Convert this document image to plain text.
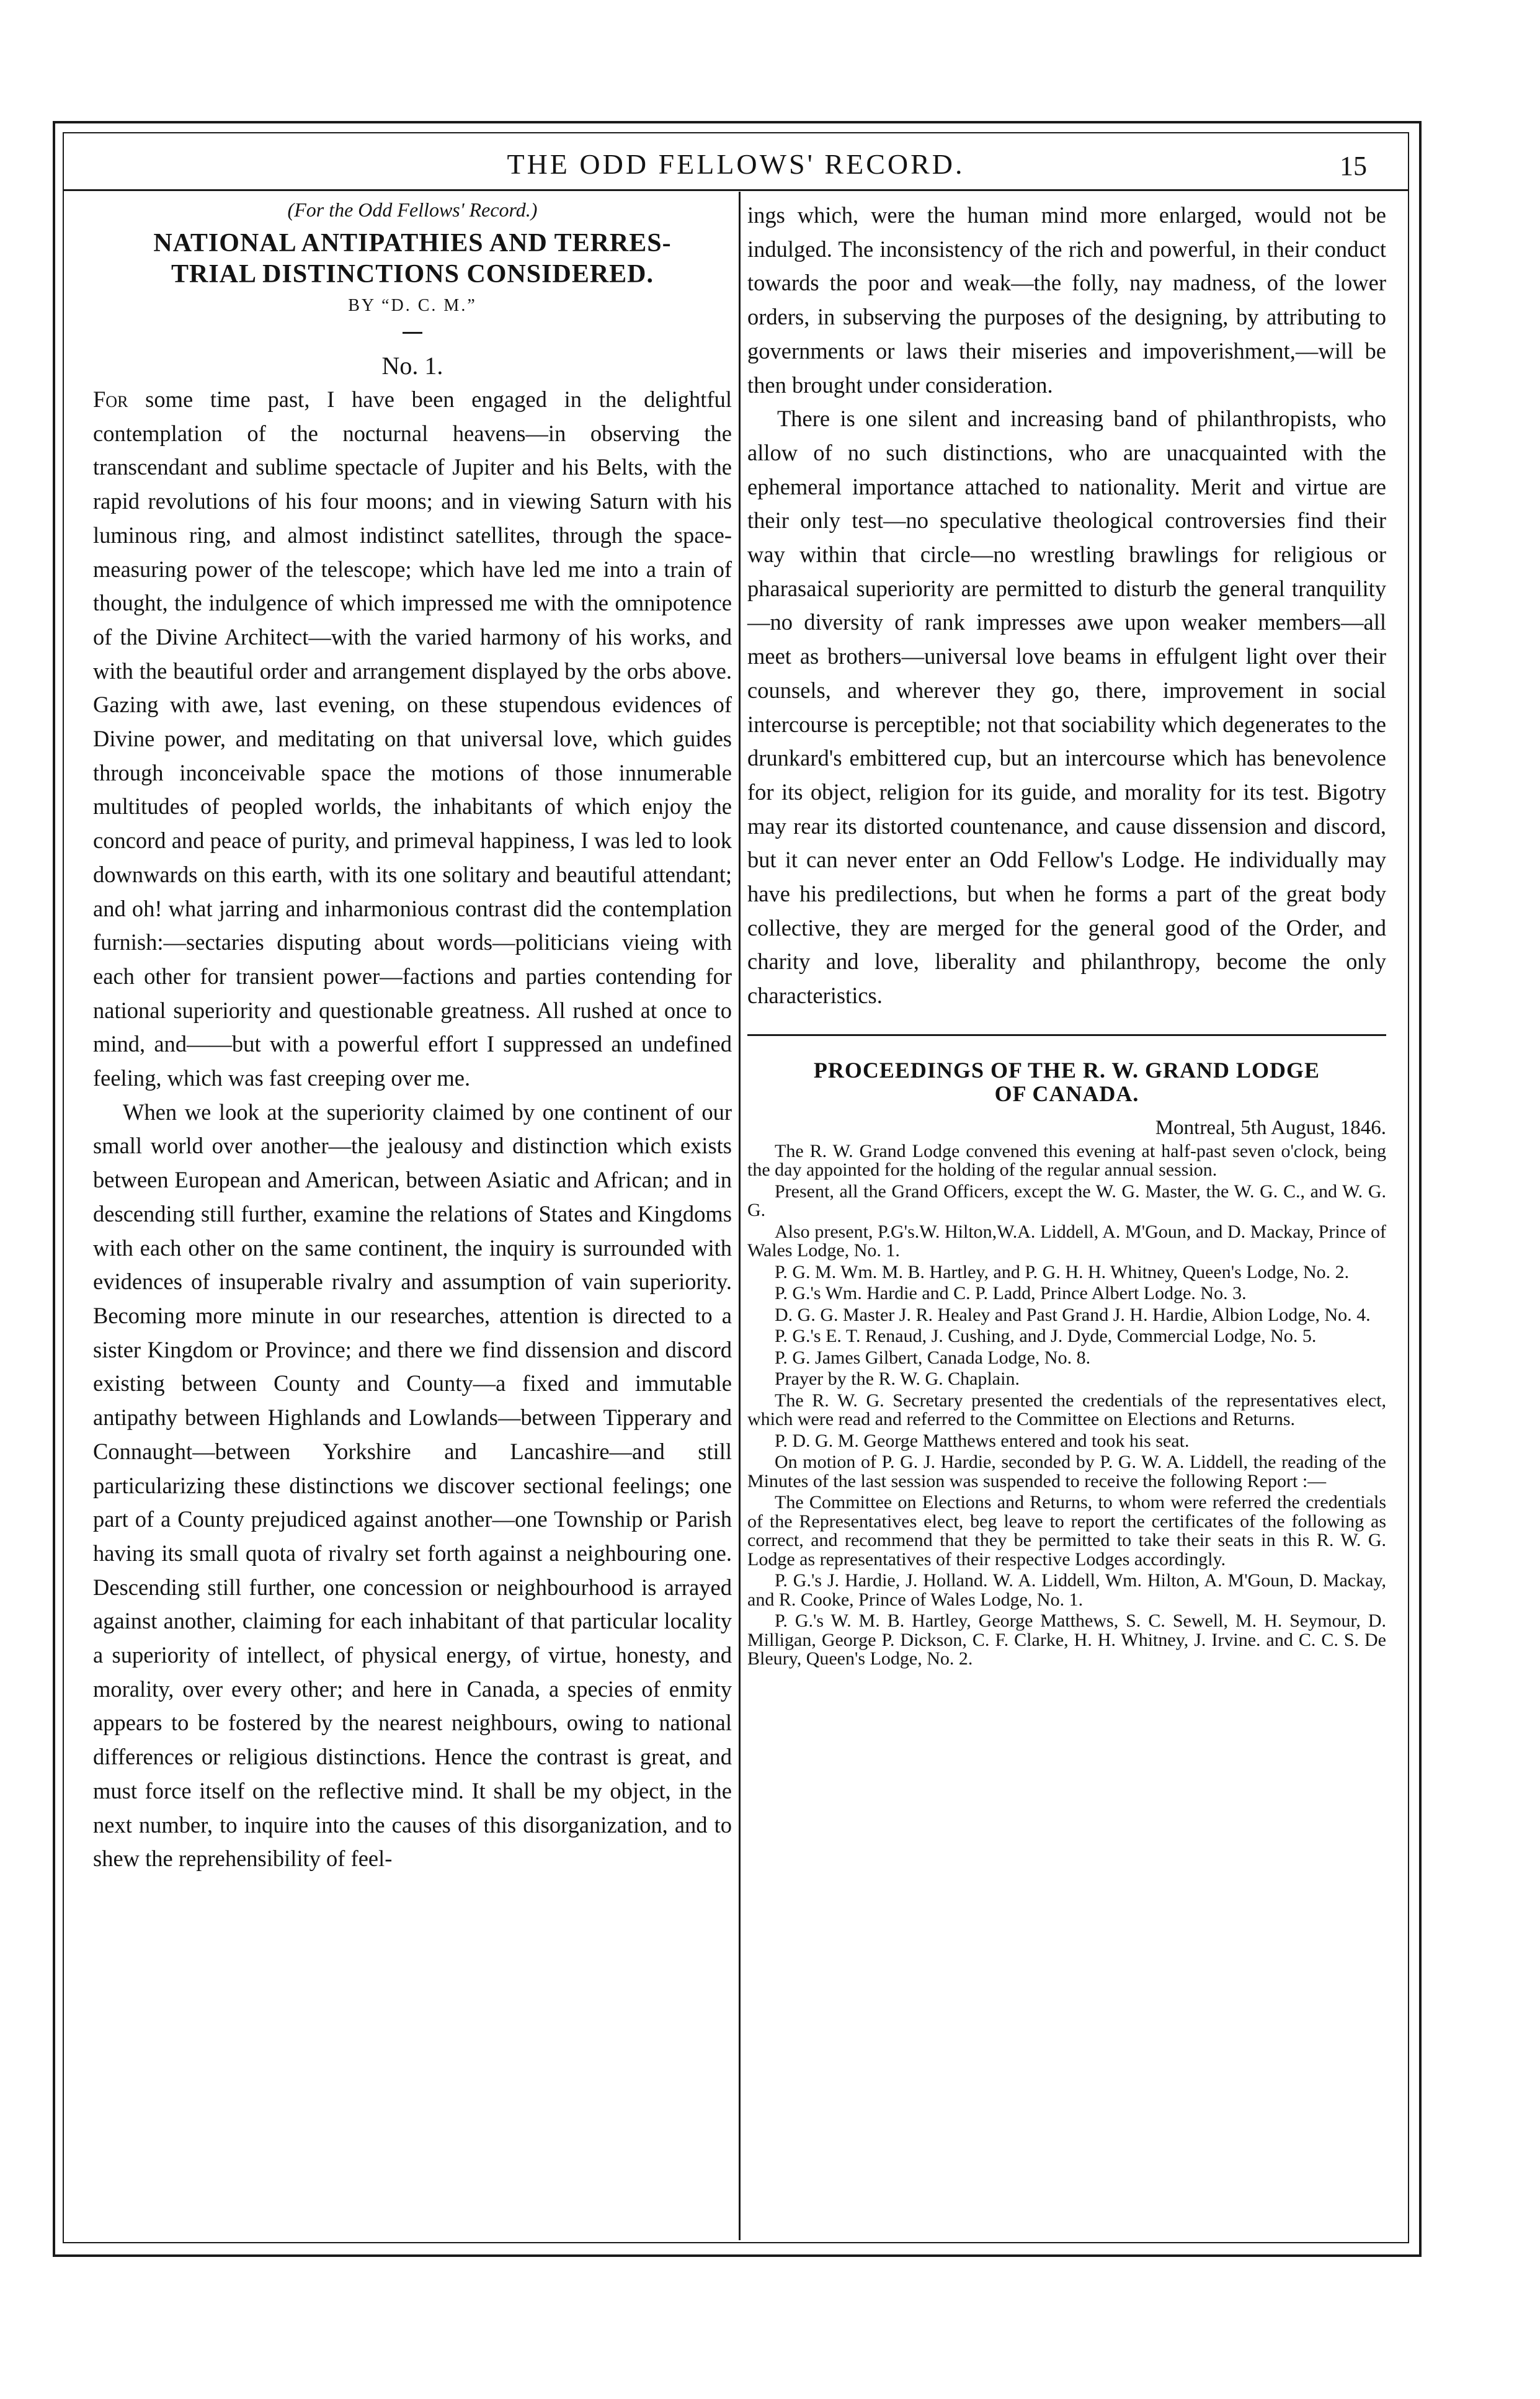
THE ODD FELLOWS' RECORD.	15

(For the Odd Fellows' Record.)

NATIONAL ANTIPATHIES AND TERRES-
TRIAL DISTINCTIONS CONSIDERED.

BY “D. C. M.”

No. 1.

For some time past, I have been engaged in the delightful contemplation of the nocturnal heavens—in observing the transcendant and sublime spectacle of Jupiter and his Belts, with the rapid revolutions of his four moons; and in viewing Saturn with his luminous ring, and almost indistinct satellites, through the space-measuring power of the telescope; which have led me into a train of thought, the indulgence of which impressed me with the omnipotence of the Divine Architect—with the varied harmony of his works, and with the beautiful order and arrangement displayed by the orbs above. Gazing with awe, last evening, on these stupendous evidences of Divine power, and meditating on that universal love, which guides through inconceivable space the motions of those innumerable multitudes of peopled worlds, the inhabitants of which enjoy the concord and peace of purity, and primeval happiness, I was led to look downwards on this earth, with its one solitary and beautiful attendant; and oh! what jarring and inharmonious contrast did the contemplation furnish:—sectaries disputing about words—politicians vieing with each other for transient power—factions and parties contending for national superiority and questionable greatness. All rushed at once to mind, and——but with a powerful effort I suppressed an undefined feeling, which was fast creeping over me.

When we look at the superiority claimed by one continent of our small world over another—the jealousy and distinction which exists between European and American, between Asiatic and African; and in descending still further, examine the relations of States and Kingdoms with each other on the same continent, the inquiry is surrounded with evidences of insuperable rivalry and assumption of vain superiority. Becoming more minute in our researches, attention is directed to a sister Kingdom or Province; and there we find dissension and discord existing between County and County—a fixed and immutable antipathy between Highlands and Lowlands—between Tipperary and Connaught—between Yorkshire and Lancashire—and still particularizing these distinctions we discover sectional feelings; one part of a County prejudiced against another—one Township or Parish having its small quota of rivalry set forth against a neighbouring one. Descending still further, one concession or neighbourhood is arrayed against another, claiming for each inhabitant of that particular locality a superiority of intellect, of physical energy, of virtue, honesty, and morality, over every other; and here in Canada, a species of enmity appears to be fostered by the nearest neighbours, owing to national differences or religious distinctions. Hence the contrast is great, and must force itself on the reflective mind. It shall be my object, in the next number, to inquire into the causes of this disorganization, and to shew the reprehensibility of feel-

ings which, were the human mind more enlarged, would not be indulged. The inconsistency of the rich and powerful, in their conduct towards the poor and weak—the folly, nay madness, of the lower orders, in subserving the purposes of the designing, by attributing to governments or laws their miseries and impoverishment,—will be then brought under consideration.

There is one silent and increasing band of philanthropists, who allow of no such distinctions, who are unacquainted with the ephemeral importance attached to nationality. Merit and virtue are their only test—no speculative theological controversies find their way within that circle—no wrestling brawlings for religious or pharasaical superiority are permitted to disturb the general tranquility—no diversity of rank impresses awe upon weaker members—all meet as brothers—universal love beams in effulgent light over their counsels, and wherever they go, there, improvement in social intercourse is perceptible; not that sociability which degenerates to the drunkard's embittered cup, but an intercourse which has benevolence for its object, religion for its guide, and morality for its test. Bigotry may rear its distorted countenance, and cause dissension and discord, but it can never enter an Odd Fellow's Lodge. He individually may have his predilections, but when he forms a part of the great body collective, they are merged for the general good of the Order, and charity and love, liberality and philanthropy, become the only characteristics.

PROCEEDINGS OF THE R. W. GRAND LODGE
OF CANADA.

Montreal, 5th August, 1846.

The R. W. Grand Lodge convened this evening at half-past seven o'clock, being the day appointed for the holding of the regular annual session.

Present, all the Grand Officers, except the W. G. Master, the W. G. C., and W. G. G.

Also present, P.G's.W. Hilton,W.A. Liddell, A. M'Goun, and D. Mackay, Prince of Wales Lodge, No. 1.

P. G. M. Wm. M. B. Hartley, and P. G. H. H. Whitney, Queen's Lodge, No. 2.

P. G.'s Wm. Hardie and C. P. Ladd, Prince Albert Lodge. No. 3.

D. G. G. Master J. R. Healey and Past Grand J. H. Hardie, Albion Lodge, No. 4.

P. G.'s E. T. Renaud, J. Cushing, and J. Dyde, Commercial Lodge, No. 5.

P. G. James Gilbert, Canada Lodge, No. 8.

Prayer by the R. W. G. Chaplain.

The R. W. G. Secretary presented the credentials of the representatives elect, which were read and referred to the Committee on Elections and Returns.

P. D. G. M. George Matthews entered and took his seat.

On motion of P. G. J. Hardie, seconded by P. G. W. A. Liddell, the reading of the Minutes of the last session was suspended to receive the following Report :—

The Committee on Elections and Returns, to whom were referred the credentials of the Representatives elect, beg leave to report the certificates of the following as correct, and recommend that they be permitted to take their seats in this R. W. G. Lodge as representatives of their respective Lodges accordingly.

P. G.'s J. Hardie, J. Holland. W. A. Liddell, Wm. Hilton, A. M'Goun, D. Mackay, and R. Cooke, Prince of Wales Lodge, No. 1.

P. G.'s W. M. B. Hartley, George Matthews, S. C. Sewell, M. H. Seymour, D. Milligan, George P. Dickson, C. F. Clarke, H. H. Whitney, J. Irvine. and C. C. S. De Bleury, Queen's Lodge, No. 2.
